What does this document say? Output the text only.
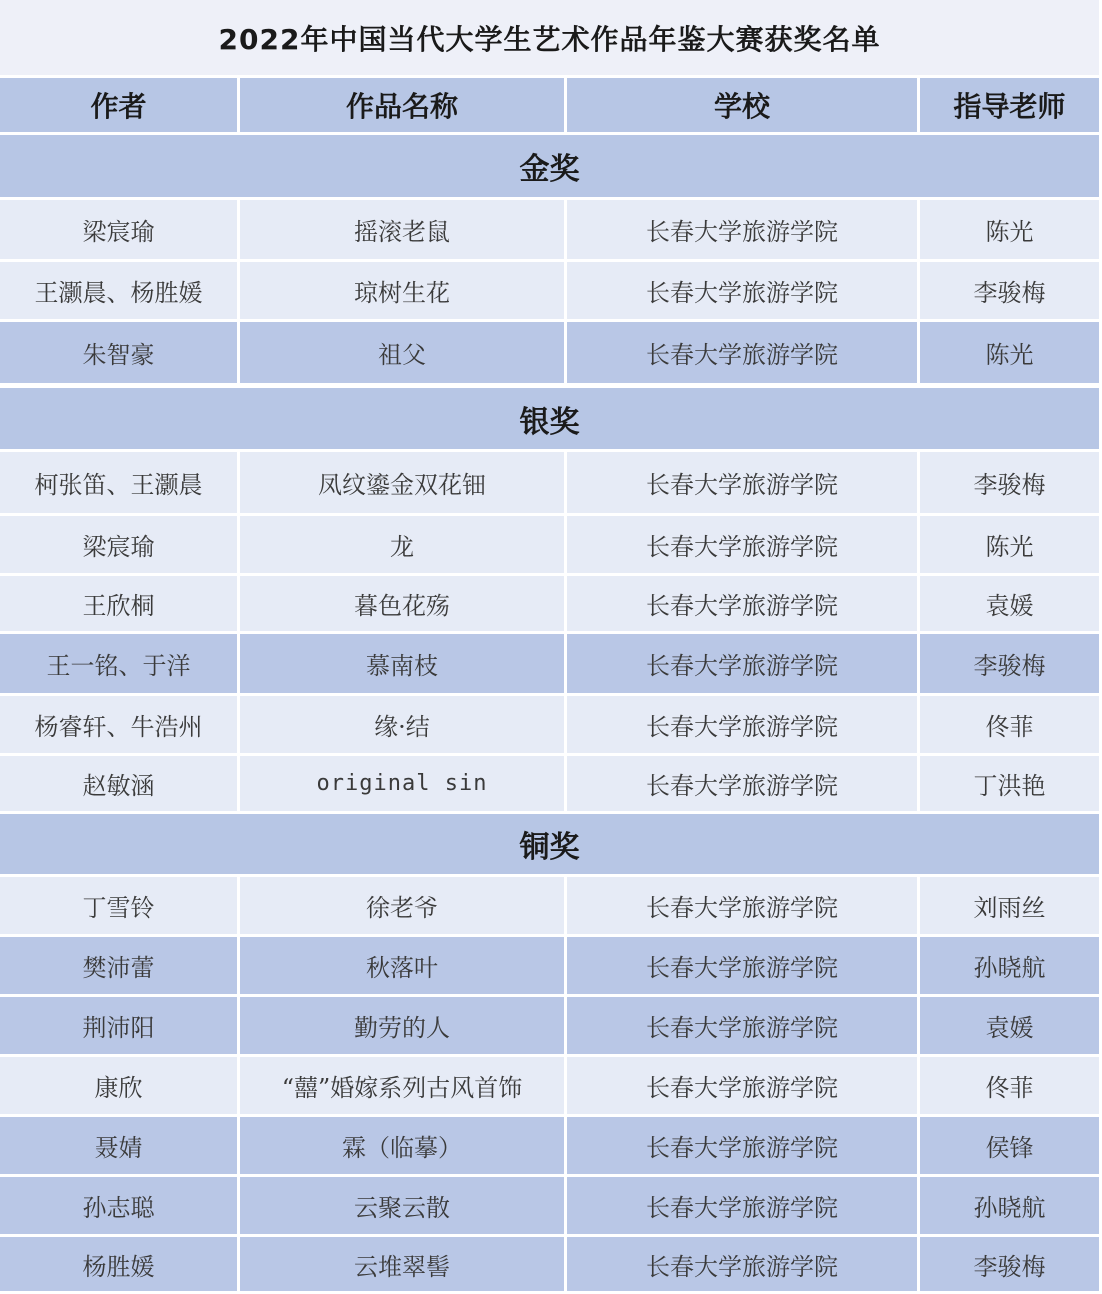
2022年中国当代大学生艺术作品年鉴大赛获奖名单
作者	作品名称	学校	指导老师
金奖
梁宸瑜	摇滚老鼠	长春大学旅游学院	陈光
王灏晨、杨胜媛	琼树生花	长春大学旅游学院	李骏梅
朱智豪	祖父	长春大学旅游学院	陈光
银奖
柯张笛、王灏晨	凤纹鎏金双花钿	长春大学旅游学院	李骏梅
梁宸瑜	龙	长春大学旅游学院	陈光
王欣桐	暮色花殇	长春大学旅游学院	袁媛
王一铭、于洋	慕南枝	长春大学旅游学院	李骏梅
杨睿轩、牛浩州	缘·结	长春大学旅游学院	佟菲
赵敏涵	original sin	长春大学旅游学院	丁洪艳
铜奖
丁雪铃	徐老爷	长春大学旅游学院	刘雨丝
樊沛蕾	秋落叶	长春大学旅游学院	孙晓航
荆沛阳	勤劳的人	长春大学旅游学院	袁媛
康欣	“囍”婚嫁系列古风首饰	长春大学旅游学院	佟菲
聂婧	霖（临摹）	长春大学旅游学院	侯锋
孙志聪	云聚云散	长春大学旅游学院	孙晓航
杨胜媛	云堆翠髻	长春大学旅游学院	李骏梅
